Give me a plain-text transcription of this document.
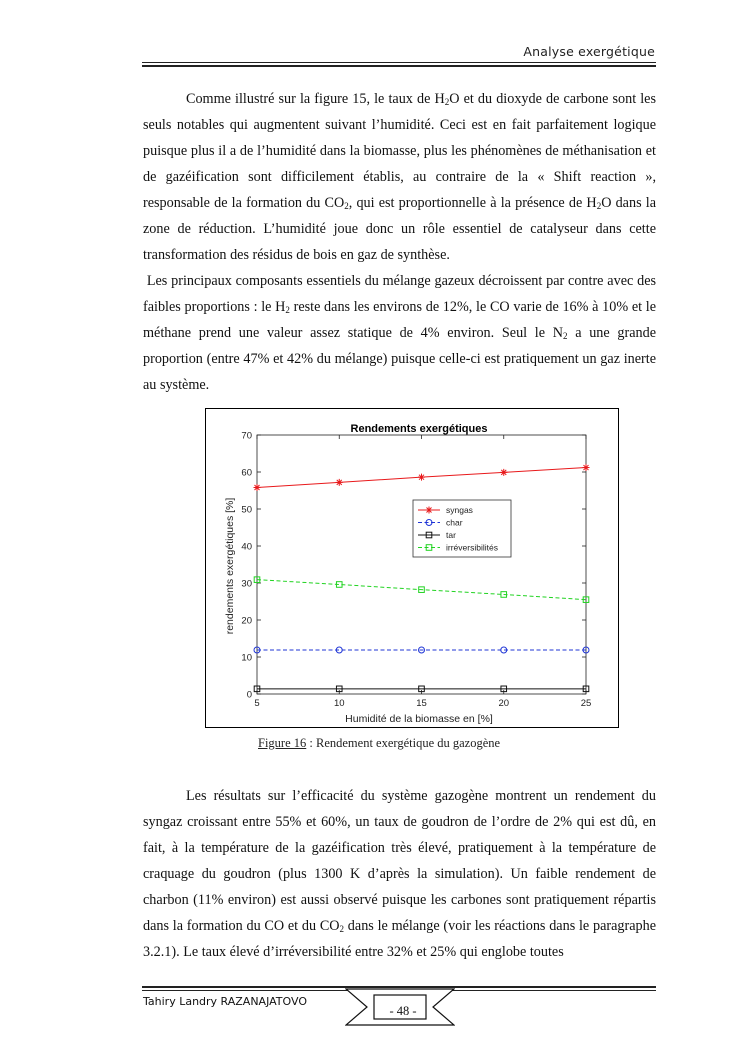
Analyse exergétique

Comme illustré sur la figure 15, le taux de $H_2O$ et du dioxyde de carbone sont les seuls notables qui augmentent suivant l’humidité. Ceci est en fait parfaitement logique puisque plus il a de l’humidité dans la biomasse, plus les phénomènes de méthanisation et de gazéification sont difficilement établis, au contraire de la « Shift reaction », responsable de la formation du $CO_2$, qui est proportionnelle à la présence de $H_2O$ dans la zone de réduction. L’humidité joue donc un rôle essentiel de catalyseur dans cette transformation des résidus de bois en gaz de synthèse.

Les principaux composants essentiels du mélange gazeux décroissent par contre avec des faibles proportions : le $H_2$ reste dans les environs de 12%, le CO varie de 16% à 10% et le méthane prend une valeur assez statique de 4% environ. Seul le $N_2$ a une grande proportion (entre 47% et 42% du mélange) puisque celle-ci est pratiquement un gaz inerte au système.

Rendements exergétiques
Humidité de la biomasse en [%]
rendements exergétiques [%]
0
10
20
30
40
50
60
70
5	10	15	20	25
syngas
char
tar
irréversibilités
Figure 16 : Rendement exergétique du gazogène

Les résultats sur l’efficacité du système gazogène montrent un rendement du syngaz croissant entre 55% et 60%, un taux de goudron de l’ordre de 2% qui est dû, en fait, à la température de la gazéification très élevé, pratiquement à la température de craquage du goudron (plus 1300 K d’après la simulation). Un faible rendement de charbon (11% environ) est aussi observé puisque les carbones sont pratiquement répartis dans la formation du CO et du $CO_2$ dans le mélange (voir les réactions dans le paragraphe 3.2.1). Le taux élevé d’irréversibilité entre 32% et 25% qui englobe toutes

Tahiry Landry RAZANAJATOVO
- 48 -
